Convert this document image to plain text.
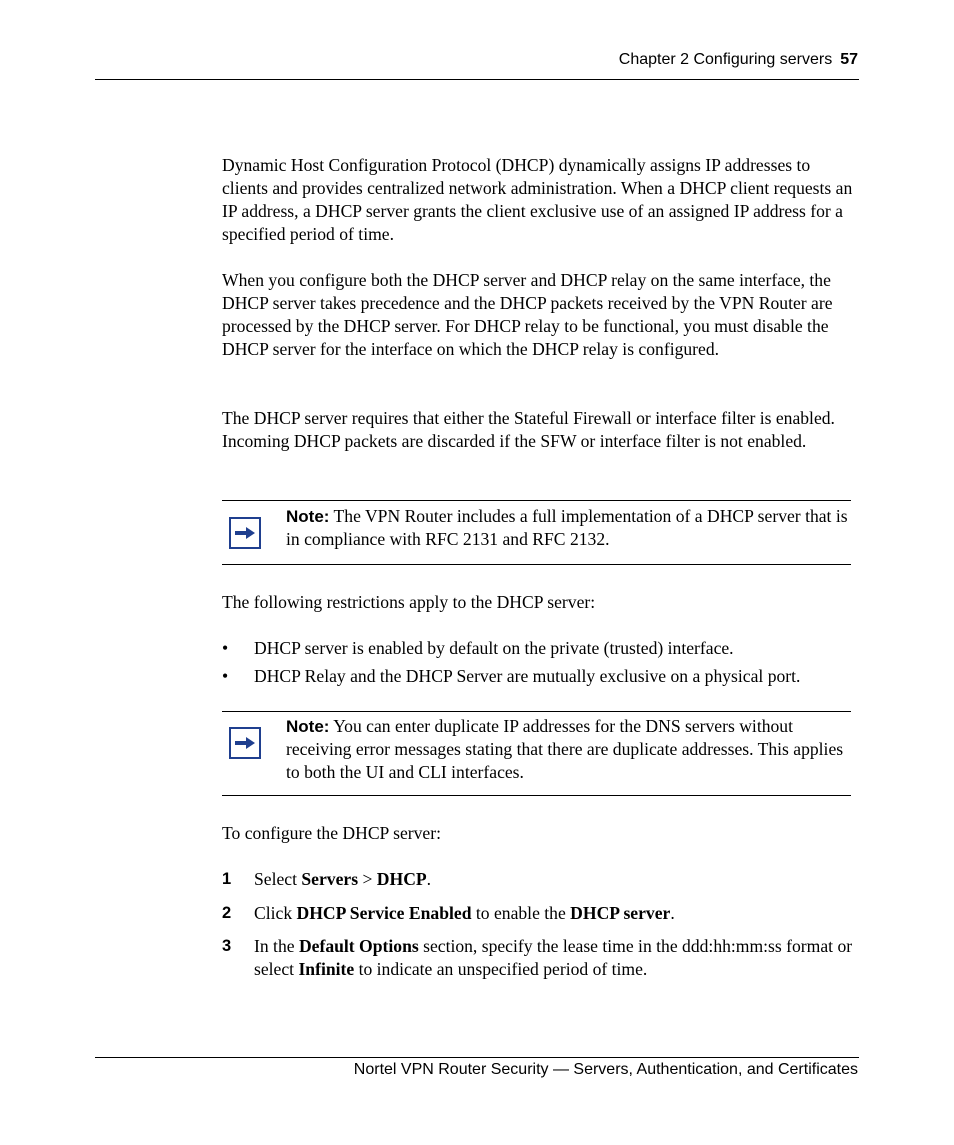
Chapter 2 Configuring servers 57

Dynamic Host Configuration Protocol (DHCP) dynamically assigns IP addresses to clients and provides centralized network administration. When a DHCP client requests an IP address, a DHCP server grants the client exclusive use of an assigned IP address for a specified period of time.

When you configure both the DHCP server and DHCP relay on the same interface, the DHCP server takes precedence and the DHCP packets received by the VPN Router are processed by the DHCP server. For DHCP relay to be functional, you must disable the DHCP server for the interface on which the DHCP relay is configured.

The DHCP server requires that either the Stateful Firewall or interface filter is enabled. Incoming DHCP packets are discarded if the SFW or interface filter is not enabled.

Note: The VPN Router includes a full implementation of a DHCP server that is in compliance with RFC 2131 and RFC 2132.

The following restrictions apply to the DHCP server:

• DHCP server is enabled by default on the private (trusted) interface.
• DHCP Relay and the DHCP Server are mutually exclusive on a physical port.

Note: You can enter duplicate IP addresses for the DNS servers without receiving error messages stating that there are duplicate addresses. This applies to both the UI and CLI interfaces.

To configure the DHCP server:

1 Select Servers > DHCP.
2 Click DHCP Service Enabled to enable the DHCP server.
3 In the Default Options section, specify the lease time in the ddd:hh:mm:ss format or select Infinite to indicate an unspecified period of time.
Nortel VPN Router Security — Servers, Authentication, and Certificates
